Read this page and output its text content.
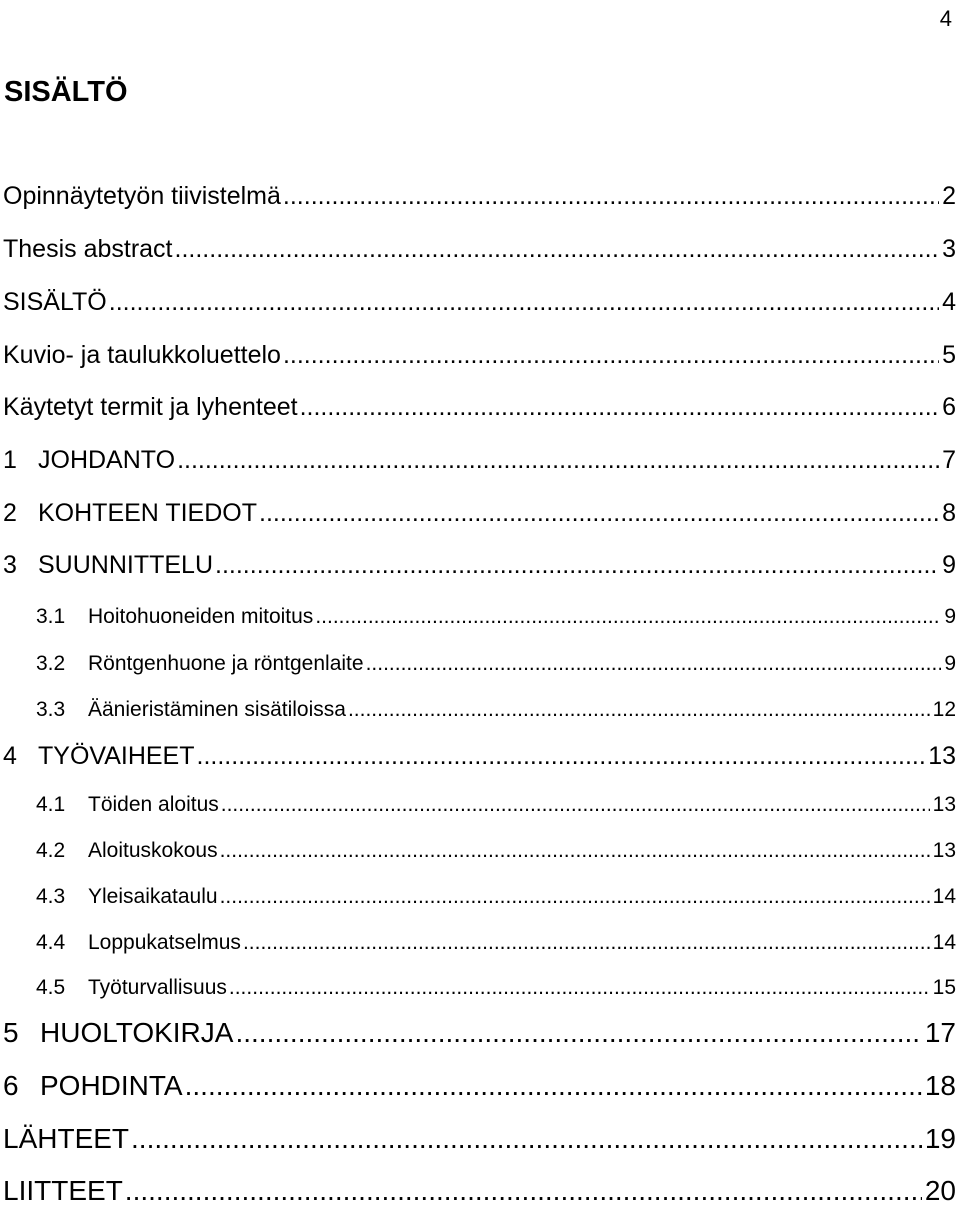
4
SISÄLTÖ
Opinnäytetyön tiivistelmä .....	2
Thesis abstract .....	3
SISÄLTÖ .....	4
Kuvio- ja taulukkoluettelo .....	5
Käytetyt termit ja lyhenteet .....	6
1 JOHDANTO .....	7
2 KOHTEEN TIEDOT .....	8
3 SUUNNITTELU .....	9
3.1 Hoitohuoneiden mitoitus .....	9
3.2 Röntgenhuone ja röntgenlaite .....	9
3.3 Äänieristäminen sisätiloissa .....	12
4 TYÖVAIHEET .....	13
4.1 Töiden aloitus .....	13
4.2 Aloituskokous .....	13
4.3 Yleisaikataulu .....	14
4.4 Loppukatselmus .....	14
4.5 Työturvallisuus .....	15
5 HUOLTOKIRJA .....	17
6 POHDINTA .....	18
LÄHTEET .....	19
LIITTEET .....	20
